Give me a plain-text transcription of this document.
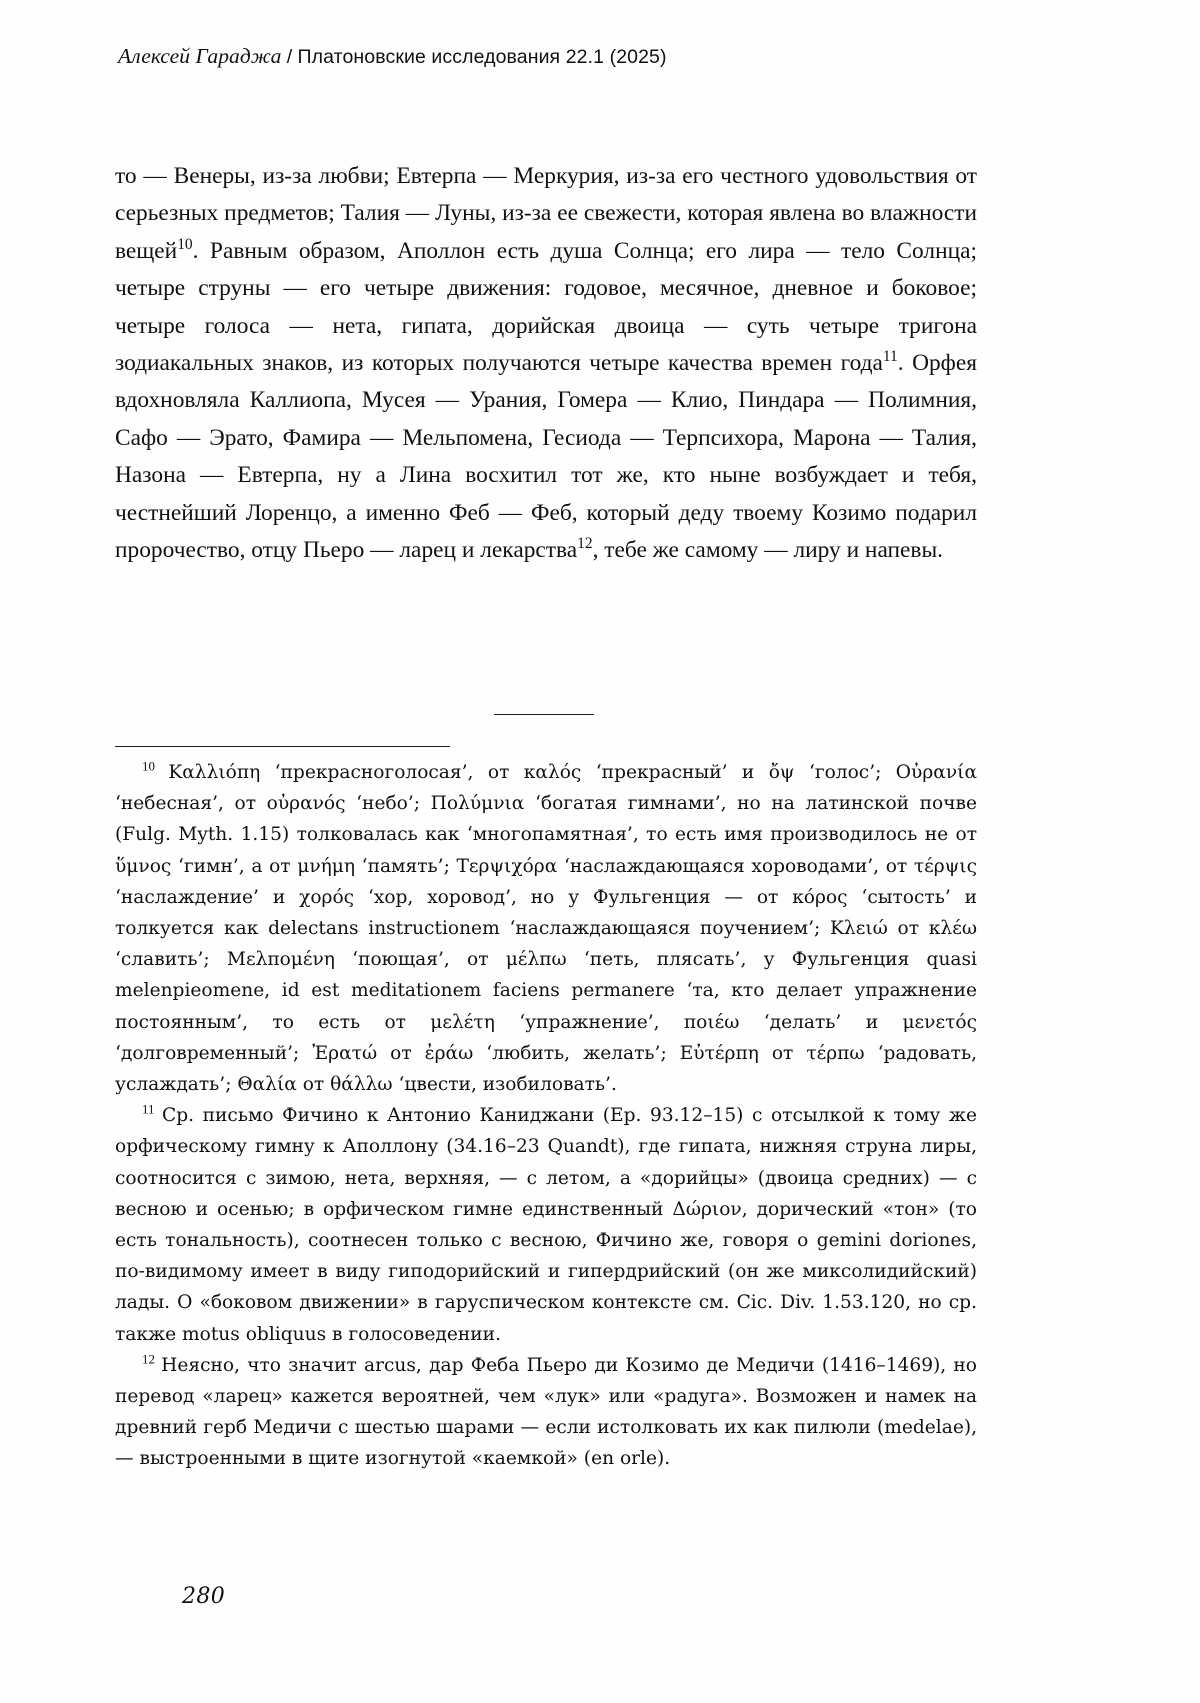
Алексей Гараджа / Платоновские исследования 22.1 (2025)

то — Венеры, из-за любви; Евтерпа — Меркурия, из-за его честного удовольствия от серьезных предметов; Талия — Луны, из-за ее свежести, которая явлена во влажности вещей$^{10}$. Равным образом, Аполлон есть душа Солнца; его лира — тело Солнца; четыре струны — его четыре движения: годовое, месячное, дневное и боковое; четыре голоса — нета, гипата, дорийская двоица — суть четыре тригона зодиакальных знаков, из которых получаются четыре качества времен года$^{11}$. Орфея вдохновляла Каллиопа, Мусея — Урания, Гомера — Клио, Пиндара — Полимния, Сафо — Эрато, Фамира — Мельпомена, Гесиода — Терпсихора, Марона — Талия, Назона — Евтерпа, ну а Лина восхитил тот же, кто ныне возбуждает и тебя, честнейший Лоренцо, а именно Феб — Феб, который деду твоему Козимо подарил пророчество, отцу Пьеро — ларец и лекарства$^{12}$, тебе же самому — лиру и напевы.

$^{10}$ Καλλιόπη ‘прекрасноголосая’, от καλός ‘прекрасный’ и ὄψ ‘голос’; Οὐρανία ‘небесная’, от οὐρανός ‘небо’; Πολύμνια ‘богатая гимнами’, но на латинской почве (Fulg. Myth. 1.15) толковалась как ‘многопамятная’, то есть имя производилось не от ὕμνος ‘гимн’, а от μνήμη ‘память’; Τερψιχόρα ‘наслаждающаяся хороводами’, от τέρψις ‘наслаждение’ и χορός ‘хор, хоровод’, но у Фульгенция — от κόρος ‘сытость’ и толкуется как delectans instructionem ‘наслаждающаяся поучением’; Κλειώ от κλέω ‘славить’; Μελπομένη ‘поющая’, от μέλπω ‘петь, плясать’, у Фульгенция quasi melenpieomene, id est meditationem faciens permanere ‘та, кто делает упражнение постоянным’, то есть от μελέτη ‘упражнение’, ποιέω ‘делать’ и μενετός ‘долговременный’; Ἐρατώ от ἐράω ‘любить, желать’; Εὐτέρπη от τέρπω ‘радовать, услаждать’; Θαλία от θάλλω ‘цвести, изобиловать’.

$^{11}$ Ср. письмо Фичино к Антонио Каниджани (Ep. 93.12–15) с отсылкой к тому же орфическому гимну к Аполлону (34.16–23 Quandt), где гипата, нижняя струна лиры, соотносится с зимою, нета, верхняя, — с летом, а «дорийцы» (двоица средних) — с весною и осенью; в орфическом гимне единственный Δώριον, дорический «тон» (то есть тональность), соотнесен только с весною, Фичино же, говоря о gemini doriones, по-видимому имеет в виду гиподорийский и гипердрийский (он же миксолидийский) лады. О «боковом движении» в гаруспическом контексте см. Cic. Div. 1.53.120, но ср. также motus obliquus в голосоведении.

$^{12}$ Неясно, что значит arcus, дар Феба Пьеро ди Козимо де Медичи (1416–1469), но перевод «ларец» кажется вероятней, чем «лук» или «радуга». Возможен и намек на древний герб Медичи с шестью шарами — если истолковать их как пилюли (medelae), — выстроенными в щите изогнутой «каемкой» (en orle).

280
